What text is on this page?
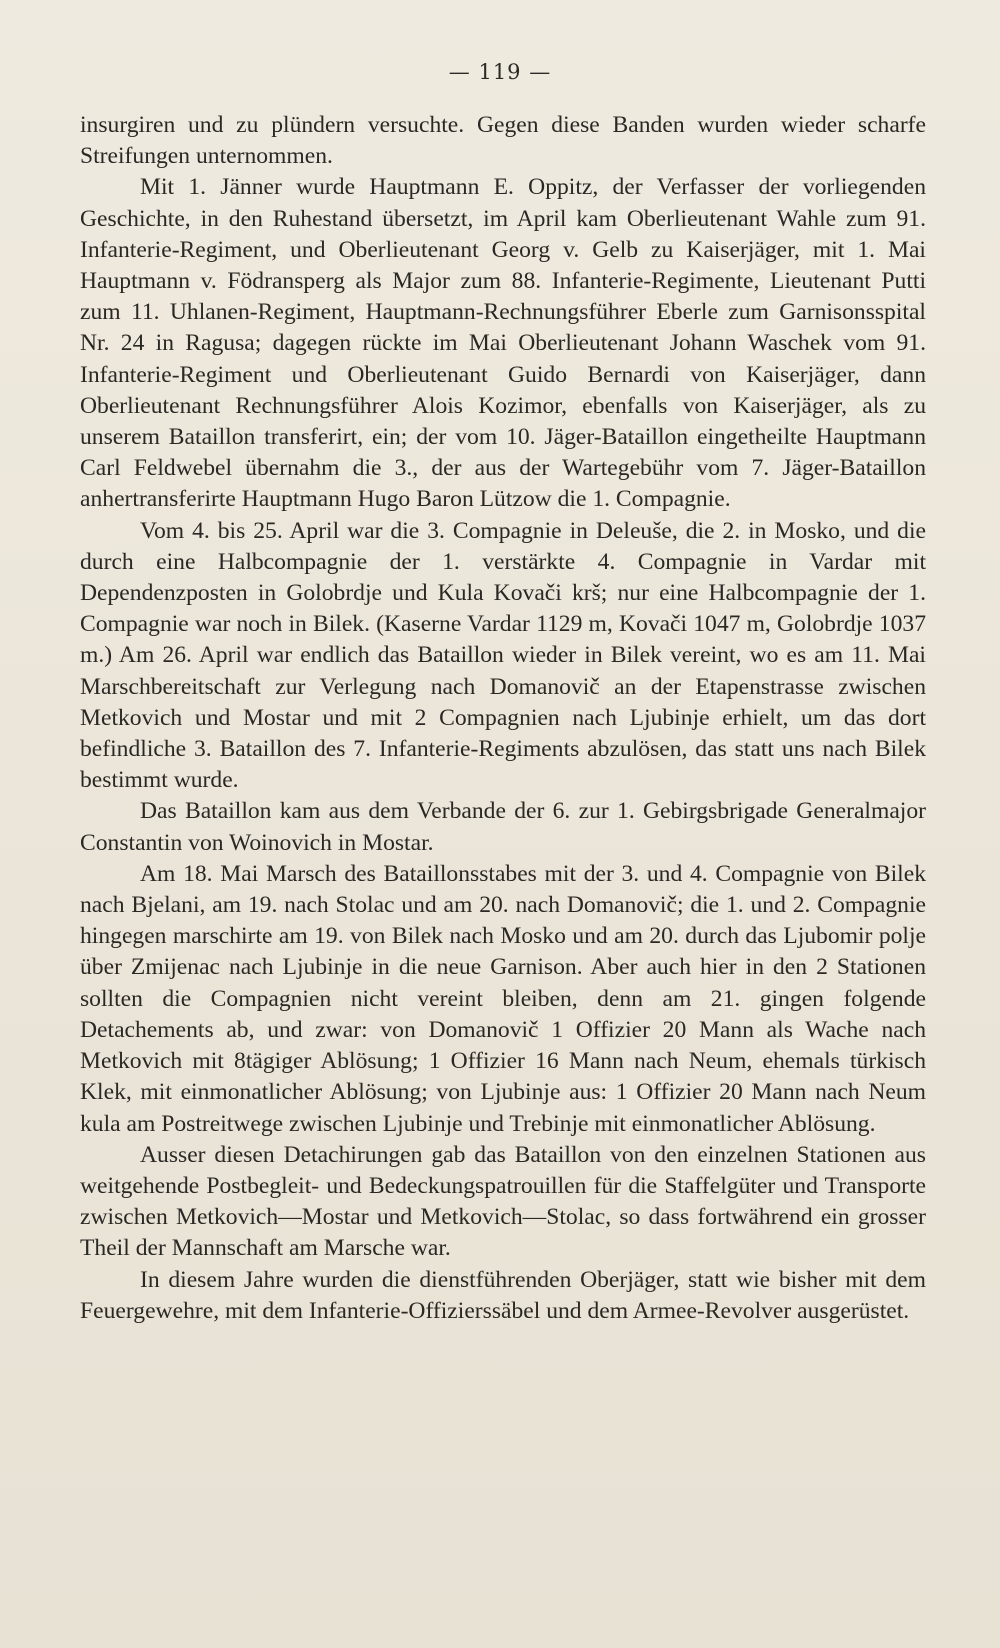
— 119 —

insurgiren und zu plündern versuchte. Gegen diese Banden wurden wieder scharfe Streifungen unternommen.

Mit 1. Jänner wurde Hauptmann E. Oppitz, der Verfasser der vorliegenden Geschichte, in den Ruhestand übersetzt, im April kam Oberlieutenant Wahle zum 91. Infanterie-Regiment, und Oberlieutenant Georg v. Gelb zu Kaiserjäger, mit 1. Mai Hauptmann v. Födransperg als Major zum 88. Infanterie-Regimente, Lieutenant Putti zum 11. Uhlanen-Regiment, Hauptmann-Rechnungsführer Eberle zum Garnisonsspital Nr. 24 in Ragusa; dagegen rückte im Mai Oberlieutenant Johann Waschek vom 91. Infanterie-Regiment und Oberlieutenant Guido Bernardi von Kaiserjäger, dann Oberlieutenant Rechnungsführer Alois Kozimor, ebenfalls von Kaiserjäger, als zu unserem Bataillon transferirt, ein; der vom 10. Jäger-Bataillon eingetheilte Hauptmann Carl Feldwebel übernahm die 3., der aus der Wartegebühr vom 7. Jäger-Bataillon anhertransferirte Hauptmann Hugo Baron Lützow die 1. Compagnie.

Vom 4. bis 25. April war die 3. Compagnie in Deleuše, die 2. in Mosko, und die durch eine Halbcompagnie der 1. verstärkte 4. Compagnie in Vardar mit Dependenzposten in Golobrdje und Kula Kovači krš; nur eine Halbcompagnie der 1. Compagnie war noch in Bilek. (Kaserne Vardar 1129 m, Kovači 1047 m, Golobrdje 1037 m.) Am 26. April war endlich das Bataillon wieder in Bilek vereint, wo es am 11. Mai Marschbereitschaft zur Verlegung nach Domanovič an der Etapenstrasse zwischen Metkovich und Mostar und mit 2 Compagnien nach Ljubinje erhielt, um das dort befindliche 3. Bataillon des 7. Infanterie-Regiments abzulösen, das statt uns nach Bilek bestimmt wurde.

Das Bataillon kam aus dem Verbande der 6. zur 1. Gebirgsbrigade Generalmajor Constantin von Woinovich in Mostar.

Am 18. Mai Marsch des Bataillonsstabes mit der 3. und 4. Compagnie von Bilek nach Bjelani, am 19. nach Stolac und am 20. nach Domanovič; die 1. und 2. Compagnie hingegen marschirte am 19. von Bilek nach Mosko und am 20. durch das Ljubomir polje über Zmijenac nach Ljubinje in die neue Garnison. Aber auch hier in den 2 Stationen sollten die Compagnien nicht vereint bleiben, denn am 21. gingen folgende Detachements ab, und zwar: von Domanovič 1 Offizier 20 Mann als Wache nach Metkovich mit 8tägiger Ablösung; 1 Offizier 16 Mann nach Neum, ehemals türkisch Klek, mit einmonatlicher Ablösung; von Ljubinje aus: 1 Offizier 20 Mann nach Neum kula am Postreitwege zwischen Ljubinje und Trebinje mit einmonatlicher Ablösung.

Ausser diesen Detachirungen gab das Bataillon von den einzelnen Stationen aus weitgehende Postbegleit- und Bedeckungspatrouillen für die Staffelgüter und Transporte zwischen Metkovich—Mostar und Metkovich—Stolac, so dass fortwährend ein grosser Theil der Mannschaft am Marsche war.

In diesem Jahre wurden die dienstführenden Oberjäger, statt wie bisher mit dem Feuergewehre, mit dem Infanterie-Offizierssäbel und dem Armee-Revolver ausgerüstet.
